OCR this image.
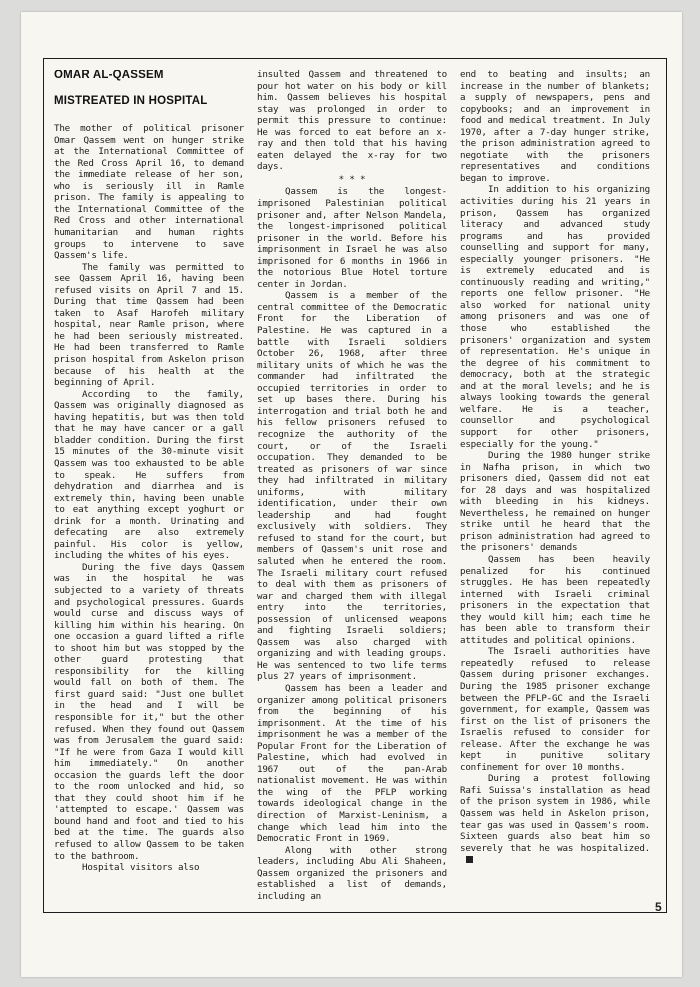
OMAR AL-QASSEM
MISTREATED IN HOSPITAL

The mother of political prisoner Omar Qassem went on hunger strike at the International Committee of the Red Cross April 16, to demand the immediate release of her son, who is seriously ill in Ramle prison. The family is appealing to the International Committee of the Red Cross and other international humanitarian and human rights groups to intervene to save Qassem's life.

The family was permitted to see Qassem April 16, having been refused visits on April 7 and 15. During that time Qassem had been taken to Asaf Harofeh military hospital, near Ramle prison, where he had been seriously mistreated. He had been transferred to Ramle prison hospital from Askelon prison because of his health at the beginning of April.

According to the family, Qassem was originally diagnosed as having hepatitis, but was then told that he may have cancer or a gall bladder condition. During the first 15 minutes of the 30-minute visit Qassem was too exhausted to be able to speak. He suffers from dehydration and diarrhea and is extremely thin, having been unable to eat anything except yoghurt or drink for a month. Urinating and defecating are also extremely painful. His color is yellow, including the whites of his eyes.

During the five days Qassem was in the hospital he was subjected to a variety of threats and psychological pressures. Guards would curse and discuss ways of killing him within his hearing. On one occasion a guard lifted a rifle to shoot him but was stopped by the other guard protesting that responsibility for the killing would fall on both of them. The first guard said: "Just one bullet in the head and I will be responsible for it," but the other refused. When they found out Qassem was from Jerusalem the guard said: "If he were from Gaza I would kill him immediately." On another occasion the guards left the door to the room unlocked and hid, so that they could shoot him if he 'attempted to escape.' Qassem was bound hand and foot and tied to his bed at the time. The guards also refused to allow Qassem to be taken to the bathroom.

Hospital visitors also

insulted Qassem and threatened to pour hot water on his body or kill him. Qassem believes his hospital stay was prolonged in order to permit this pressure to continue: He was forced to eat before an x-ray and then told that his having eaten delayed the x-ray for two days.

* * *

Qassem is the longest-imprisoned Palestinian political prisoner and, after Nelson Mandela, the longest-imprisoned political prisoner in the world. Before his imprisonment in Israel he was also imprisoned for 6 months in 1966 in the notorious Blue Hotel torture center in Jordan.

Qassem is a member of the central committee of the Democratic Front for the Liberation of Palestine. He was captured in a battle with Israeli soldiers October 26, 1968, after three military units of which he was the commander had infiltrated the occupied territories in order to set up bases there. During his interrogation and trial both he and his fellow prisoners refused to recognize the authority of the court, or of the Israeli occupation. They demanded to be treated as prisoners of war since they had infiltrated in military uniforms, with military identification, under their own leadership and had fought exclusively with soldiers. They refused to stand for the court, but members of Qassem's unit rose and saluted when he entered the room. The Israeli military court refused to deal with them as prisoners of war and charged them with illegal entry into the territories, possession of unlicensed weapons and fighting Israeli soldiers; Qassem was also charged with organizing and with leading groups. He was sentenced to two life terms plus 27 years of imprisonment.

Qassem has been a leader and organizer among political prisoners from the beginning of his imprisonment. At the time of his imprisonment he was a member of the Popular Front for the Liberation of Palestine, which had evolved in 1967 out of the pan-Arab nationalist movement. He was within the wing of the PFLP working towards ideological change in the direction of Marxist-Leninism, a change which lead him into the Democratic Front in 1969.

Along with other strong leaders, including Abu Ali Shaheen, Qassem organized the prisoners and established a list of demands, including an

end to beating and insults; an increase in the number of blankets; a supply of newspapers, pens and copybooks; and an improvement in food and medical treatment. In July 1970, after a 7-day hunger strike, the prison administration agreed to negotiate with the prisoners representatives and conditions began to improve.

In addition to his organizing activities during his 21 years in prison, Qassem has organized literacy and advanced study programs and has provided counselling and support for many, especially younger prisoners. "He is extremely educated and is continuously reading and writing," reports one fellow prisoner. "He also worked for national unity among prisoners and was one of those who established the prisoners' organization and system of representation. He's unique in the degree of his commitment to democracy, both at the strategic and at the moral levels; and he is always looking towards the general welfare. He is a teacher, counsellor and psychological support for other prisoners, especially for the young."

During the 1980 hunger strike in Nafha prison, in which two prisoners died, Qassem did not eat for 28 days and was hospitalized with bleeding in his kidneys. Nevertheless, he remained on hunger strike until he heard that the prison administration had agreed to the prisoners' demands

Qassem has been heavily penalized for his continued struggles. He has been repeatedly interned with Israeli criminal prisoners in the expectation that they would kill him; each time he has been able to transform their attitudes and political opinions.

The Israeli authorities have repeatedly refused to release Qassem during prisoner exchanges. During the 1985 prisoner exchange between the PFLP-GC and the Israeli government, for example, Qassem was first on the list of prisoners the Israelis refused to consider for release. After the exchange he was kept in punitive solitary confinement for over 10 months.

During a protest following Rafi Suissa's installation as head of the prison system in 1986, while Qassem was held in Askelon prison, tear gas was used in Qassem's room. Sixteen guards also beat him so severely that he was hospitalized.

5
